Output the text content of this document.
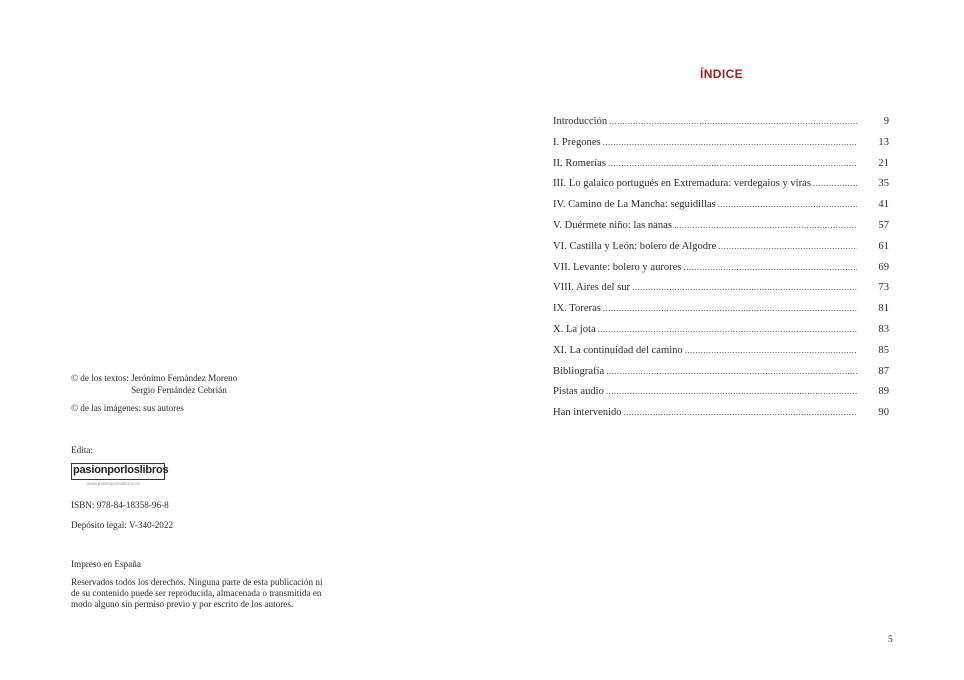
© de los textos: Jerónimo Fernández Moreno
Sergio Fernández Cebrián
© de las imágenes: sus autores
Edita:
pasionporloslibros
www.pasionporloslibros.es
ISBN: 978-84-18358-96-8
Depósito legal: V-340-2022
Impreso en España
Reservados todos los derechos. Ninguna parte de esta publicación ni
de su contenido puede ser reproducida, almacenada o transmitida en
modo alguno sin permiso previo y por escrito de los autores.
ÍNDICE
Introducción .....	9
I. Pregones .....	13
II. Romerías .....	21
III. Lo galaico portugués en Extremadura: verdegaios y viras .....	35
IV. Camino de La Mancha: seguidillas .....	41
V. Duérmete niño: las nanas .....	57
VI. Castilla y León: bolero de Algodre .....	61
VII. Levante: bolero y aurores .....	69
VIII. Aires del sur .....	73
IX. Toreras .....	81
X. La jota .....	83
XI. La continuidad del camino .....	85
Bibliografía .....	87
Pistas audio .....	89
Han intervenido .....	90
5
